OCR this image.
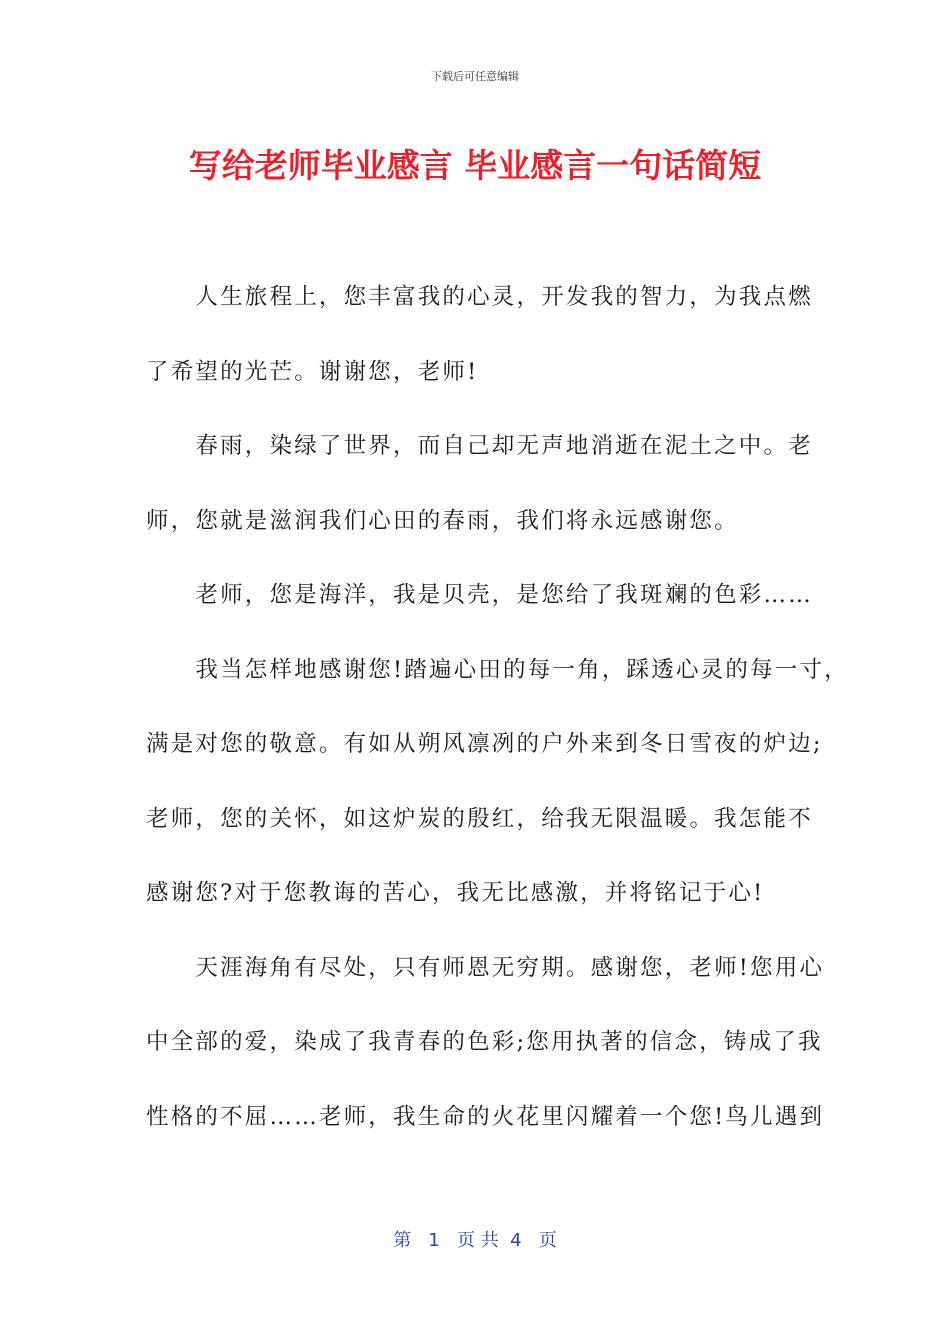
下载后可任意编辑
写给老师毕业感言 毕业感言一句话简短
　　人生旅程上，您丰富我的心灵，开发我的智力，为我点燃
了希望的光芒。谢谢您，老师!
　　春雨，染绿了世界，而自己却无声地消逝在泥土之中。老
师，您就是滋润我们心田的春雨，我们将永远感谢您。
　　老师，您是海洋，我是贝壳，是您给了我斑斓的色彩……
　　我当怎样地感谢您!踏遍心田的每一角，踩透心灵的每一寸，
满是对您的敬意。有如从朔风凛冽的户外来到冬日雪夜的炉边;
老师，您的关怀，如这炉炭的殷红，给我无限温暖。我怎能不
感谢您?对于您教诲的苦心，我无比感激，并将铭记于心!
　　天涯海角有尽处，只有师恩无穷期。感谢您，老师!您用心
中全部的爱，染成了我青春的色彩;您用执著的信念，铸成了我
性格的不屈……老师，我生命的火花里闪耀着一个您!鸟儿遇到
第   1   页 共  4   页
